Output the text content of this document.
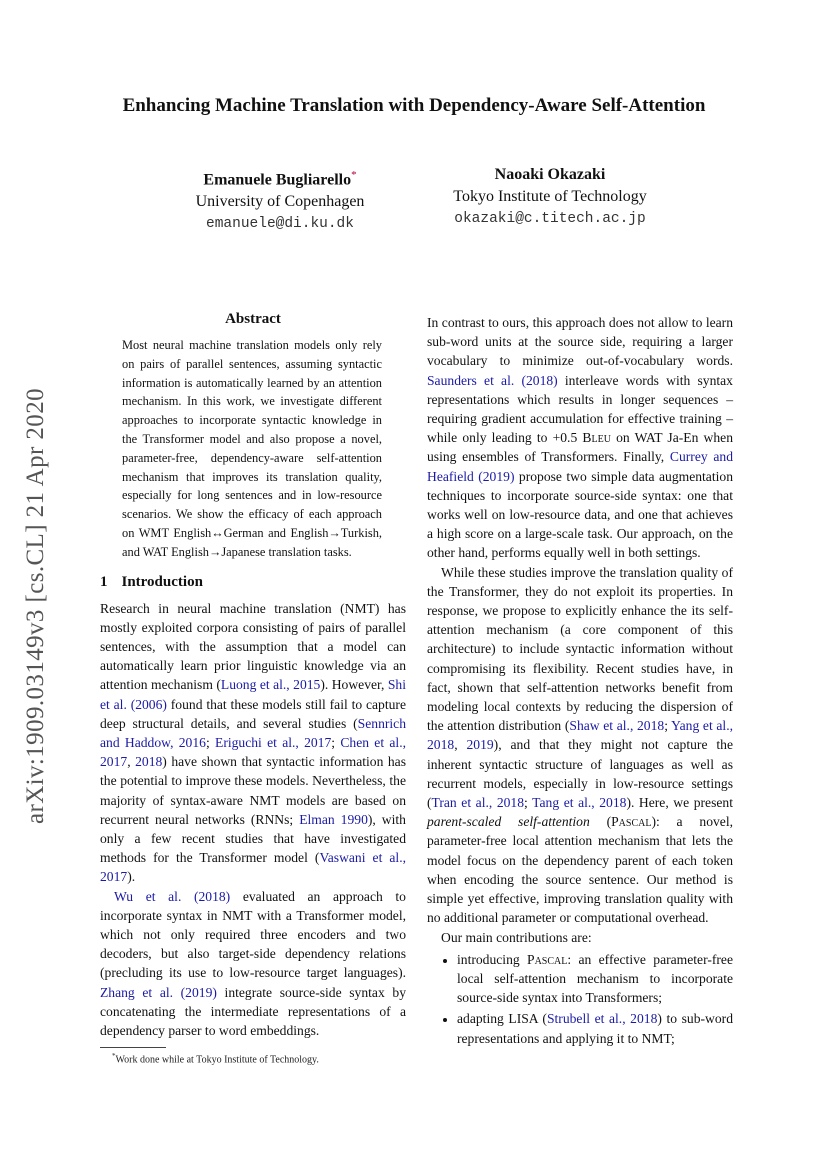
arXiv:1909.03149v3 [cs.CL] 21 Apr 2020
Enhancing Machine Translation with Dependency-Aware Self-Attention
Emanuele Bugliarello*
University of Copenhagen
emanuele@di.ku.dk
Naoaki Okazaki
Tokyo Institute of Technology
okazaki@c.titech.ac.jp
Abstract
Most neural machine translation models only rely on pairs of parallel sentences, assuming syntactic information is automatically learned by an attention mechanism. In this work, we investigate different approaches to incorporate syntactic knowledge in the Transformer model and also propose a novel, parameter-free, dependency-aware self-attention mechanism that improves its translation quality, especially for long sentences and in low-resource scenarios. We show the efficacy of each approach on WMT English↔German and English→Turkish, and WAT English→Japanese translation tasks.
1 Introduction

Research in neural machine translation (NMT) has mostly exploited corpora consisting of pairs of parallel sentences, with the assumption that a model can automatically learn prior linguistic knowledge via an attention mechanism (Luong et al., 2015). However, Shi et al. (2006) found that these models still fail to capture deep structural details, and several studies (Sennrich and Haddow, 2016; Eriguchi et al., 2017; Chen et al., 2017, 2018) have shown that syntactic information has the potential to improve these models. Nevertheless, the majority of syntax-aware NMT models are based on recurrent neural networks (RNNs; Elman 1990), with only a few recent studies that have investigated methods for the Transformer model (Vaswani et al., 2017).

Wu et al. (2018) evaluated an approach to incorporate syntax in NMT with a Transformer model, which not only required three encoders and two decoders, but also target-side dependency relations (precluding its use to low-resource target languages). Zhang et al. (2019) integrate source-side syntax by concatenating the intermediate representations of a dependency parser to word embeddings.

In contrast to ours, this approach does not allow to learn sub-word units at the source side, requiring a larger vocabulary to minimize out-of-vocabulary words. Saunders et al. (2018) interleave words with syntax representations which results in longer sequences – requiring gradient accumulation for effective training – while only leading to +0.5 Bleu on WAT Ja-En when using ensembles of Transformers. Finally, Currey and Heafield (2019) propose two simple data augmentation techniques to incorporate source-side syntax: one that works well on low-resource data, and one that achieves a high score on a large-scale task. Our approach, on the other hand, performs equally well in both settings.

While these studies improve the translation quality of the Transformer, they do not exploit its properties. In response, we propose to explicitly enhance the its self-attention mechanism (a core component of this architecture) to include syntactic information without compromising its flexibility. Recent studies have, in fact, shown that self-attention networks benefit from modeling local contexts by reducing the dispersion of the attention distribution (Shaw et al., 2018; Yang et al., 2018, 2019), and that they might not capture the inherent syntactic structure of languages as well as recurrent models, especially in low-resource settings (Tran et al., 2018; Tang et al., 2018). Here, we present parent-scaled self-attention (Pascal): a novel, parameter-free local attention mechanism that lets the model focus on the dependency parent of each token when encoding the source sentence. Our method is simple yet effective, improving translation quality with no additional parameter or computational overhead.

Our main contributions are:

• introducing Pascal: an effective parameter-free local self-attention mechanism to incorporate source-side syntax into Transformers;
• adapting LISA (Strubell et al., 2018) to sub-word representations and applying it to NMT;
*Work done while at Tokyo Institute of Technology.
